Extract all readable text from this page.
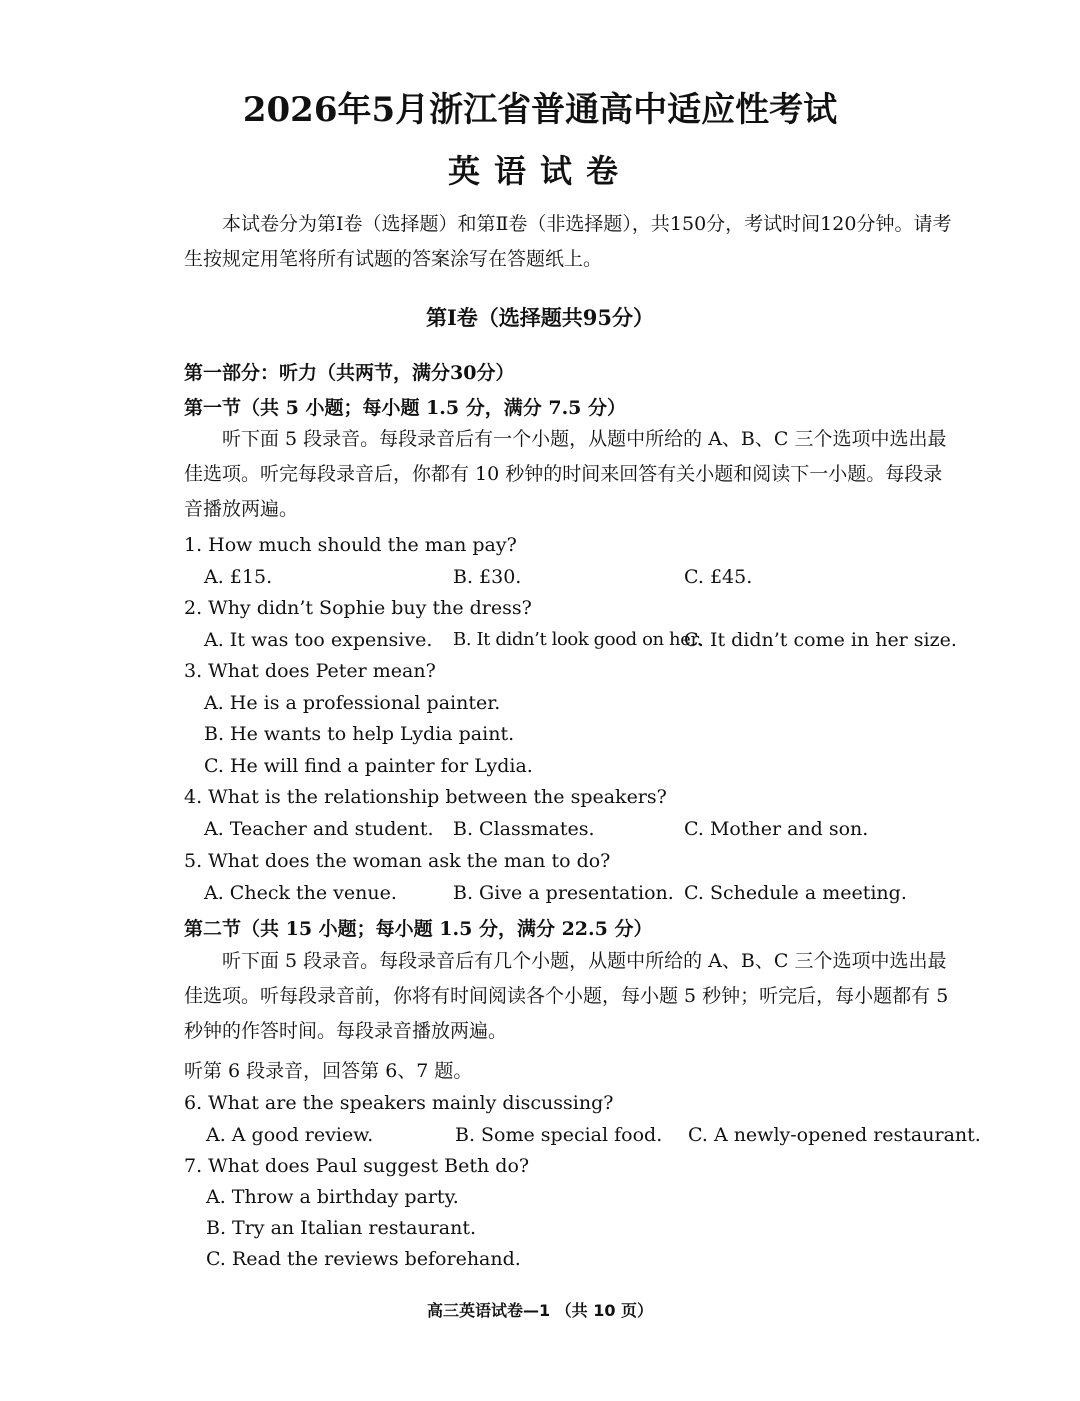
2026年5月浙江省普通高中适应性考试
英语试卷
本试卷分为第Ⅰ卷（选择题）和第Ⅱ卷（非选择题），共150分，考试时间120分钟。请考生按规定用笔将所有试题的答案涂写在答题纸上。
第Ⅰ卷（选择题共95分）
第一部分：听力（共两节，满分30分）
第一节（共 5 小题；每小题 1.5 分，满分 7.5 分）
听下面 5 段录音。每段录音后有一个小题，从题中所给的 A、B、C 三个选项中选出最佳选项。听完每段录音后，你都有 10 秒钟的时间来回答有关小题和阅读下一小题。每段录音播放两遍。
1. How much should the man pay?
A. £15.	B. £30.	C. £45.
2. Why didn’t Sophie buy the dress?
A. It was too expensive. B. It didn’t look good on her.
C. It didn’t come in her size.
3. What does Peter mean?
A. He is a professional painter.
B. He wants to help Lydia paint.
C. He will find a painter for Lydia.
4. What is the relationship between the speakers?
A. Teacher and student. B. Classmates.	C. Mother and son.
5. What does the woman ask the man to do?
A. Check the venue.	B. Give a presentation. C. Schedule a meeting.
第二节（共 15 小题；每小题 1.5 分，满分 22.5 分）
听下面 5 段录音。每段录音后有几个小题，从题中所给的 A、B、C 三个选项中选出最佳选项。听每段录音前，你将有时间阅读各个小题，每小题 5 秒钟；听完后，每小题都有 5 秒钟的作答时间。每段录音播放两遍。
听第 6 段录音，回答第 6、7 题。
6. What are the speakers mainly discussing?
A. A good review.	B. Some special food. C. A newly-opened restaurant.
7. What does Paul suggest Beth do?
A. Throw a birthday party.
B. Try an Italian restaurant.
C. Read the reviews beforehand.
高三英语试卷—1 （共 10 页）
